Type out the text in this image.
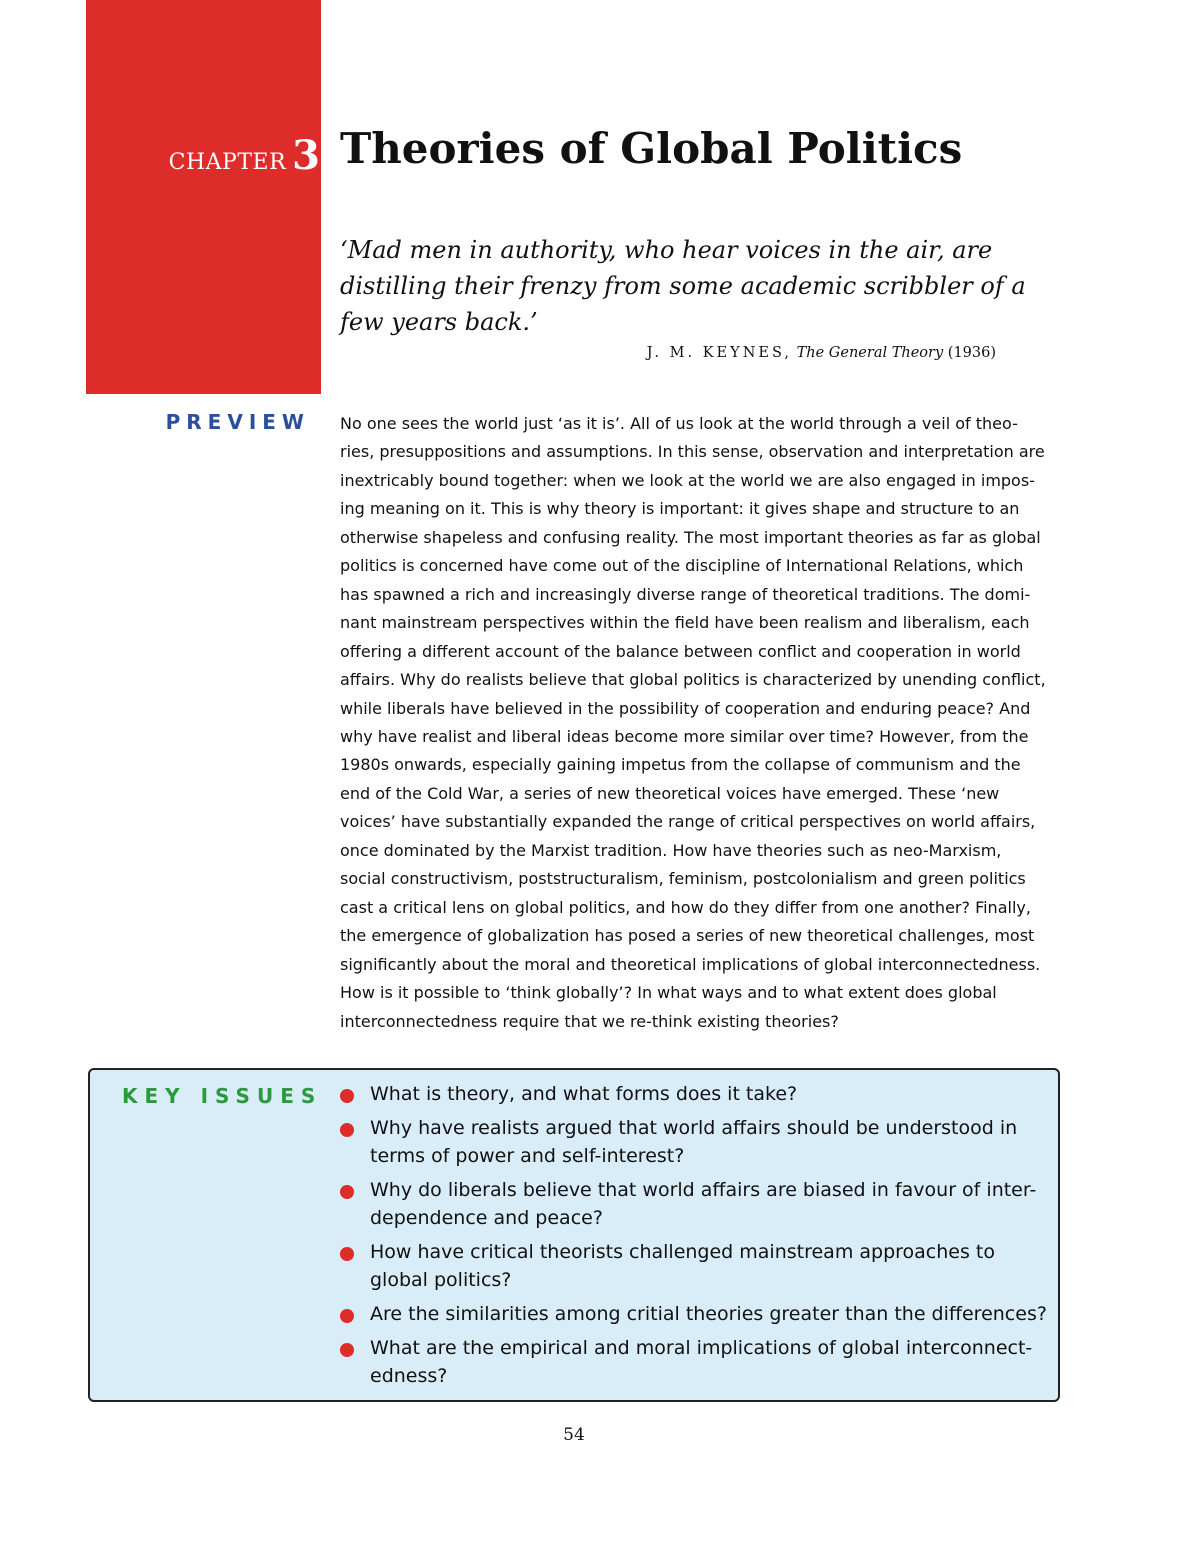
CHAPTER 3 Theories of Global Politics

‘Mad men in authority, who hear voices in the air, are
distilling their frenzy from some academic scribbler of a
few years back.’

J. M. KEYNES, The General Theory (1936)
PREVIEW No one sees the world just ‘as it is’. All of us look at the world through a veil of theo-
ries, presuppositions and assumptions. In this sense, observation and interpretation are
inextricably bound together: when we look at the world we are also engaged in impos-
ing meaning on it. This is why theory is important: it gives shape and structure to an
otherwise shapeless and confusing reality. The most important theories as far as global
politics is concerned have come out of the discipline of International Relations, which
has spawned a rich and increasingly diverse range of theoretical traditions. The domi-
nant mainstream perspectives within the field have been realism and liberalism, each
offering a different account of the balance between conflict and cooperation in world
affairs. Why do realists believe that global politics is characterized by unending conflict,
while liberals have believed in the possibility of cooperation and enduring peace? And
why have realist and liberal ideas become more similar over time? However, from the
1980s onwards, especially gaining impetus from the collapse of communism and the
end of the Cold War, a series of new theoretical voices have emerged. These ‘new
voices’ have substantially expanded the range of critical perspectives on world affairs,
once dominated by the Marxist tradition. How have theories such as neo-Marxism,
social constructivism, poststructuralism, feminism, postcolonialism and green politics
cast a critical lens on global politics, and how do they differ from one another? Finally,
the emergence of globalization has posed a series of new theoretical challenges, most
significantly about the moral and theoretical implications of global interconnectedness.
How is it possible to ‘think globally’? In what ways and to what extent does global
interconnectedness require that we re-think existing theories?

KEY ISSUES	What is theory, and what forms does it take?
Why have realists argued that world affairs should be understood in
terms of power and self-interest?
Why do liberals believe that world affairs are biased in favour of inter-
dependence and peace?
How have critical theorists challenged mainstream approaches to
global politics?
Are the similarities among critial theories greater than the differences?
What are the empirical and moral implications of global interconnect-
edness?
54
